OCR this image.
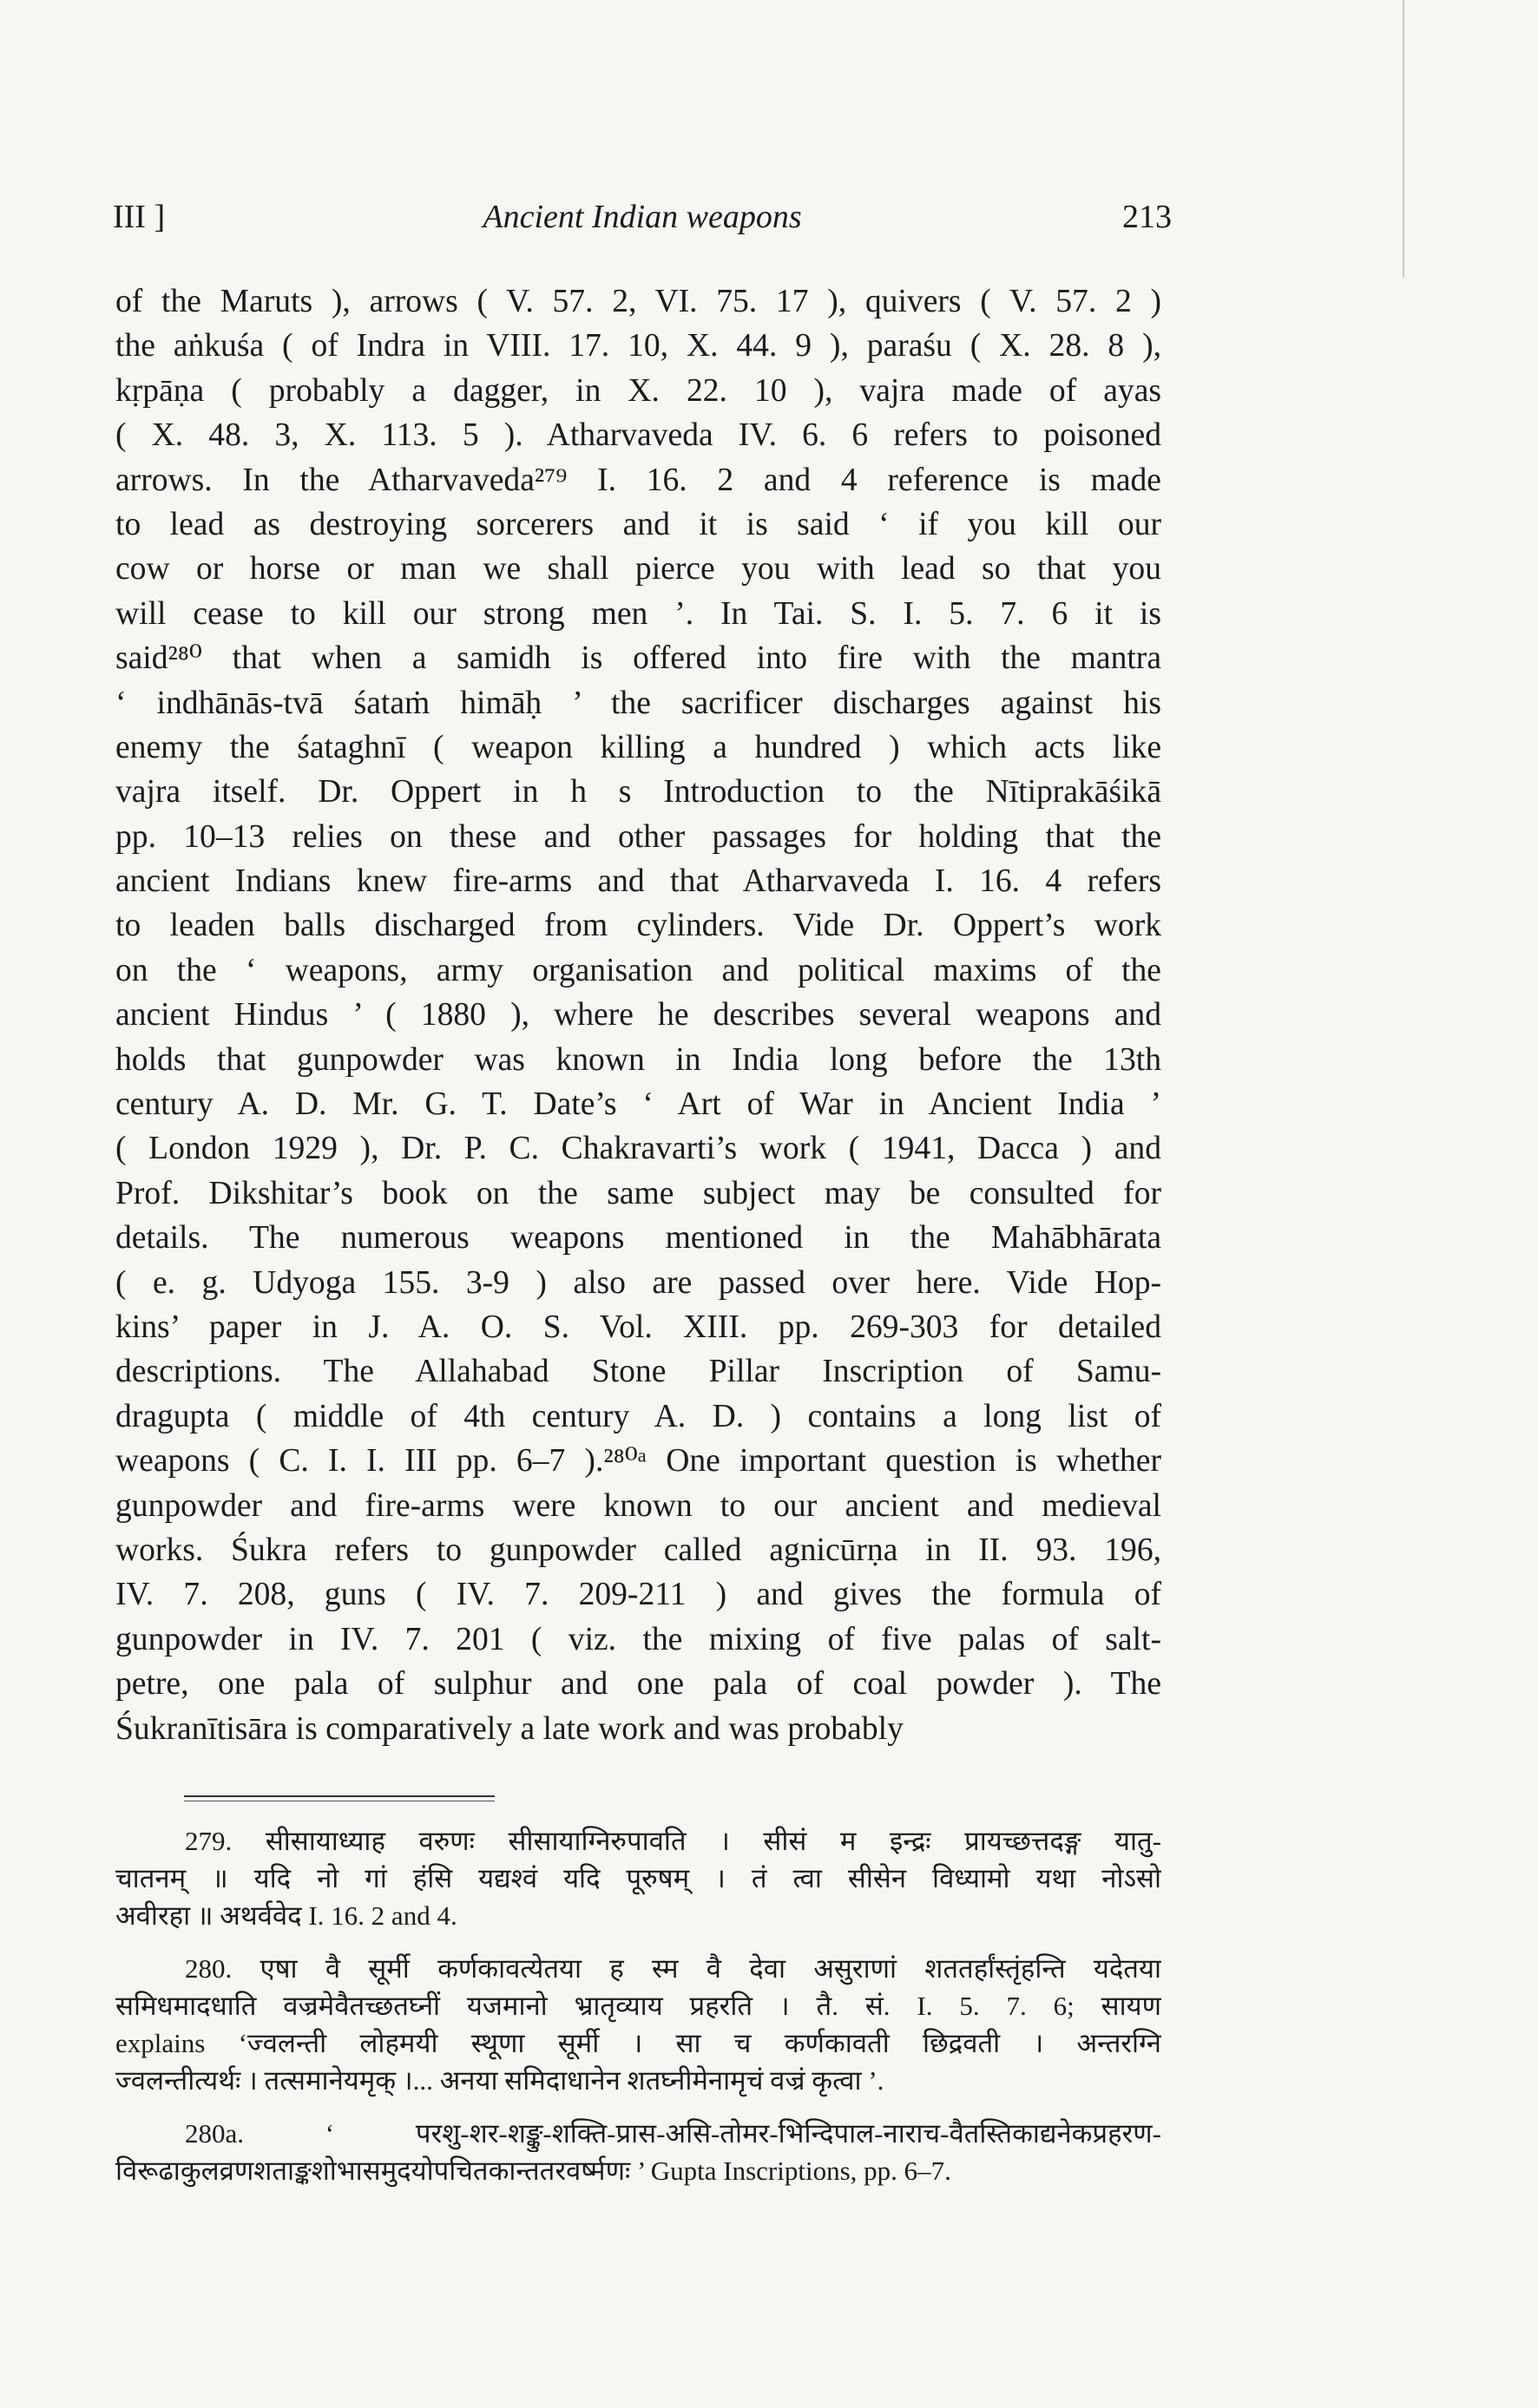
III ]	Ancient Indian weapons	213
of the Maruts ), arrows ( V. 57. 2, VI. 75. 17 ), quivers ( V. 57. 2 )
the aṅkuśa ( of Indra in VIII. 17. 10, X. 44. 9 ), paraśu ( X. 28. 8 ),
kṛpāṇa ( probably a dagger, in X. 22. 10 ), vajra made of ayas
( X. 48. 3, X. 113. 5 ). Atharvaveda IV. 6. 6 refers to poisoned
arrows. In the Atharvaveda²⁷⁹ I. 16. 2 and 4 reference is made
to lead as destroying sorcerers and it is said ‘ if you kill our
cow or horse or man we shall pierce you with lead so that you
will cease to kill our strong men ’. In Tai. S. I. 5. 7. 6 it is
said²⁸⁰ that when a samidh is offered into fire with the mantra
‘ indhānās-tvā śataṁ himāḥ ’ the sacrificer discharges against his
enemy the śataghnī ( weapon killing a hundred ) which acts like
vajra itself. Dr. Oppert in h s Introduction to the Nītiprakāśikā
pp. 10–13 relies on these and other passages for holding that the
ancient Indians knew fire-arms and that Atharvaveda I. 16. 4 refers
to leaden balls discharged from cylinders. Vide Dr. Oppert’s work
on the ‘ weapons, army organisation and political maxims of the
ancient Hindus ’ ( 1880 ), where he describes several weapons and
holds that gunpowder was known in India long before the 13th
century A. D. Mr. G. T. Date’s ‘ Art of War in Ancient India ’
( London 1929 ), Dr. P. C. Chakravarti’s work ( 1941, Dacca ) and
Prof. Dikshitar’s book on the same subject may be consulted for
details. The numerous weapons mentioned in the Mahābhārata
( e. g. Udyoga 155. 3-9 ) also are passed over here. Vide Hop-
kins’ paper in J. A. O. S. Vol. XIII. pp. 269-303 for detailed
descriptions. The Allahabad Stone Pillar Inscription of Samu-
dragupta ( middle of 4th century A. D. ) contains a long list of
weapons ( C. I. I. III pp. 6–7 ).²⁸⁰ᵃ One important question is whether
gunpowder and fire-arms were known to our ancient and medieval
works. Śukra refers to gunpowder called agnicūrṇa in II. 93. 196,
IV. 7. 208, guns ( IV. 7. 209-211 ) and gives the formula of
gunpowder in IV. 7. 201 ( viz. the mixing of five palas of salt-
petre, one pala of sulphur and one pala of coal powder ). The
Śukranītisāra is comparatively a late work and was probably
279. सीसायाध्याह वरुणः सीसायाग्निरुपावति । सीसं म इन्द्रः प्रायच्छत्तदङ्ग यातु-
चातनम् ॥ यदि नो गां हंसि यद्यश्वं यदि पूरुषम् । तं त्वा सीसेन विध्यामो यथा नोऽसो
अवीरहा ॥ अथर्ववेद I. 16. 2 and 4.
280. एषा वै सूर्मी कर्णकावत्येतया ह स्म वै देवा असुराणां शततर्हांस्तृंहन्ति यदेतया
समिधमादधाति वज्रमेवैतच्छतघ्नीं यजमानो भ्रातृव्याय प्रहरति । तै. सं. I. 5. 7. 6; सायण
explains ‘ज्वलन्ती लोहमयी स्थूणा सूर्मी । सा च कर्णकावती छिद्रवती । अन्तरग्नि
ज्वलन्तीत्यर्थः । तत्समानेयमृक् ।... अनया समिदाधानेन शतघ्नीमेनामृचं वज्रं कृत्वा ’.
280a. ‘ परशु-शर-शङ्कु-शक्ति-प्रास-असि-तोमर-भिन्दिपाल-नाराच-वैतस्तिकाद्यनेकप्रहरण-
विरूढाकुलव्रणशताङ्कशोभासमुदयोपचितकान्ततरवर्ष्मणः ’ Gupta Inscriptions, pp. 6–7.
